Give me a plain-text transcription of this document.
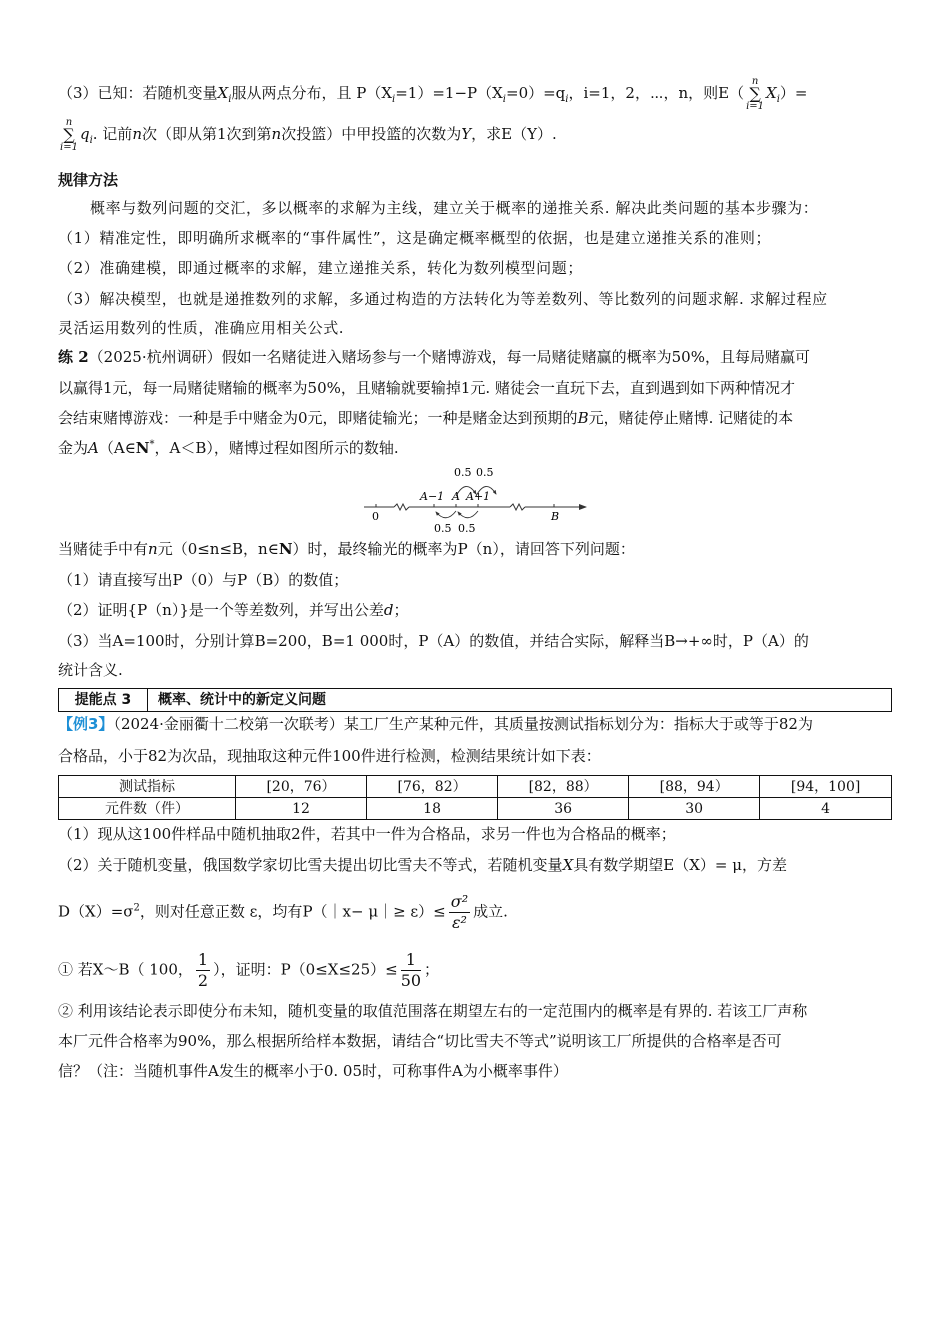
（3）已知：若随机变量$X_i$服从两点分布，且 $P(X_i=1)=1-P(X_i=0)=q_i$，i=1，2，⋯，n，则E（n
∑
$i=1X_i)=$
n
∑
$i=1q_i$. 记前n次（即从第1次到第n次投篮）中甲投篮的次数为Y，求E（Y）.
规律方法
概率与数列问题的交汇，多以概率的求解为主线，建立关于概率的递推关系. 解决此类问题的基本步骤为：
（1）精准定性，即明确所求概率的“事件属性”，这是确定概率概型的依据，也是建立递推关系的准则；
（2）准确建模，即通过概率的求解，建立递推关系，转化为数列模型问题；
（3）解决模型，也就是递推数列的求解，多通过构造的方法转化为等差数列、等比数列的问题求解. 求解过程应
灵活运用数列的性质，准确应用相关公式.
练 2（2025·杭州调研）假如一名赌徒进入赌场参与一个赌博游戏，每一局赌徒赌赢的概率为50%，且每局赌赢可
以赢得1元，每一局赌徒赌输的概率为50%，且赌输就要输掉1元. 赌徒会一直玩下去，直到遇到如下两种情况才
会结束赌博游戏：一种是手中赌金为0元，即赌徒输光；一种是赌金达到预期的B元，赌徒停止赌博. 记赌徒的本
金为A（A∈N*，A＜B），赌博过程如图所示的数轴.
0.5 0.5
A−1 A A+1
0	B
0.5 0.5
当赌徒手中有n元（0≤n≤B，n∈N）时，最终输光的概率为P（n），请回答下列问题：
（1）请直接写出P（0）与P（B）的数值；
（2）证明{P（n）}是一个等差数列，并写出公差d；
（3）当A=100时，分别计算B=200，B=1 000时，P（A）的数值，并结合实际，解释当B→+∞时，P（A）的
统计含义.
提能点 3	概率、统计中的新定义问题
【例3】（2024·金丽衢十二校第一次联考）某工厂生产某种元件，其质量按测试指标划分为：指标大于或等于82为
合格品，小于82为次品，现抽取这种元件100件进行检测，检测结果统计如下表：
测试指标	[20，76）	[76，82）	[82，88）	[88，94）	[94，100]
元件数（件）	12	18	36	30	4
（1）现从这100件样品中随机抽取2件，若其中一件为合格品，求另一件也为合格品的概率；
（2）关于随机变量，俄国数学家切比雪夫提出切比雪夫不等式，若随机变量X具有数学期望E（X）= μ，方差
$D(X)=\sigma^2$，则对任意正数 ε，均有P（｜x− μ｜≥ $\varepsilon)\le \frac{\text{σ²}}{\text{ε²}}$ 成立.
① 若X～B（ 100， $\frac{1}{2}$ ），证明：$P(0\le X\le 25)\le \frac{1}{50}$ ；
② 利用该结论表示即使分布未知，随机变量的取值范围落在期望左右的一定范围内的概率是有界的. 若该工厂声称
本厂元件合格率为90%，那么根据所给样本数据，请结合“切比雪夫不等式”说明该工厂所提供的合格率是否可
信？（注：当随机事件A发生的概率小于0. 05时，可称事件A为小概率事件）
